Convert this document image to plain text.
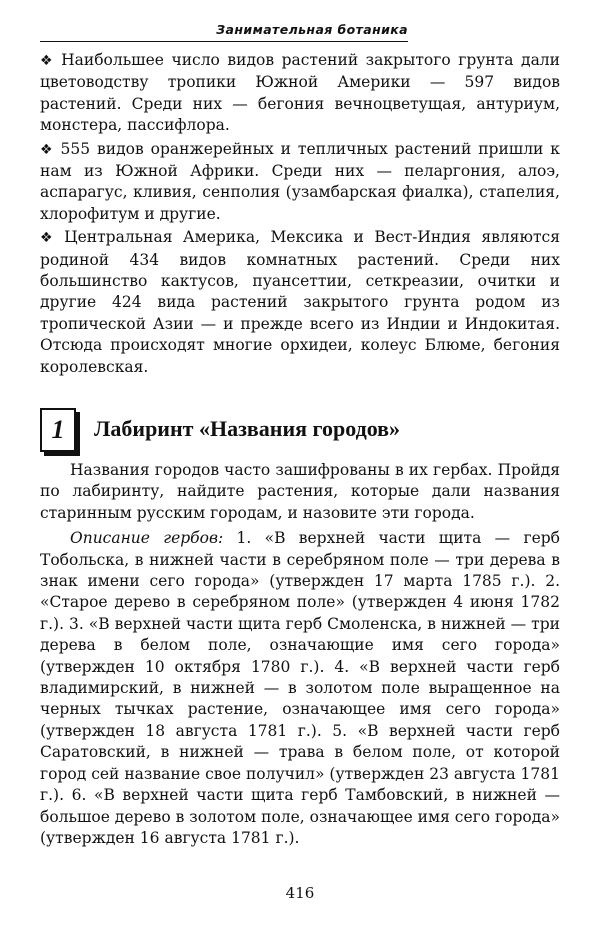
Занимательная ботаника

❖ Наибольшее число видов растений закрытого грунта дали цветоводству тропики Южной Америки — 597 видов растений. Среди них — бегония вечноцветущая, антуриум, монстера, пассифлора.

❖ 555 видов оранжерейных и тепличных растений пришли к нам из Южной Африки. Среди них — пеларгония, алоэ, аспарагус, кливия, сенполия (узамбарская фиалка), стапелия, хлорофитум и другие.

❖ Центральная Америка, Мексика и Вест-Индия являются родиной 434 видов комнатных растений. Среди них большинство кактусов, пуансеттии, сеткреазии, очитки и другие 424 вида растений закрытого грунта родом из тропической Азии — и прежде всего из Индии и Индокитая. Отсюда происходят многие орхидеи, колеус Блюме, бегония королевская.

1	Лабиринт «Названия городов»

Названия городов часто зашифрованы в их гербах. Пройдя по лабиринту, найдите растения, которые дали названия старинным русским городам, и назовите эти города.

Описание гербов: 1. «В верхней части щита — герб Тобольска, в нижней части в серебряном поле — три дерева в знак имени сего города» (утвержден 17 марта 1785 г.). 2. «Старое дерево в серебряном поле» (утвержден 4 июня 1782 г.). 3. «В верхней части щита герб Смоленска, в нижней — три дерева в белом поле, означающие имя сего города» (утвержден 10 октября 1780 г.). 4. «В верхней части герб владимирский, в нижней — в золотом поле выращенное на черных тычках растение, означающее имя сего города» (утвержден 18 августа 1781 г.). 5. «В верхней части герб Саратовский, в нижней — трава в белом поле, от которой город сей название свое получил» (утвержден 23 августа 1781 г.). 6. «В верхней части щита герб Тамбовский, в нижней — большое дерево в золотом поле, означающее имя сего города» (утвержден 16 августа 1781 г.).

416
